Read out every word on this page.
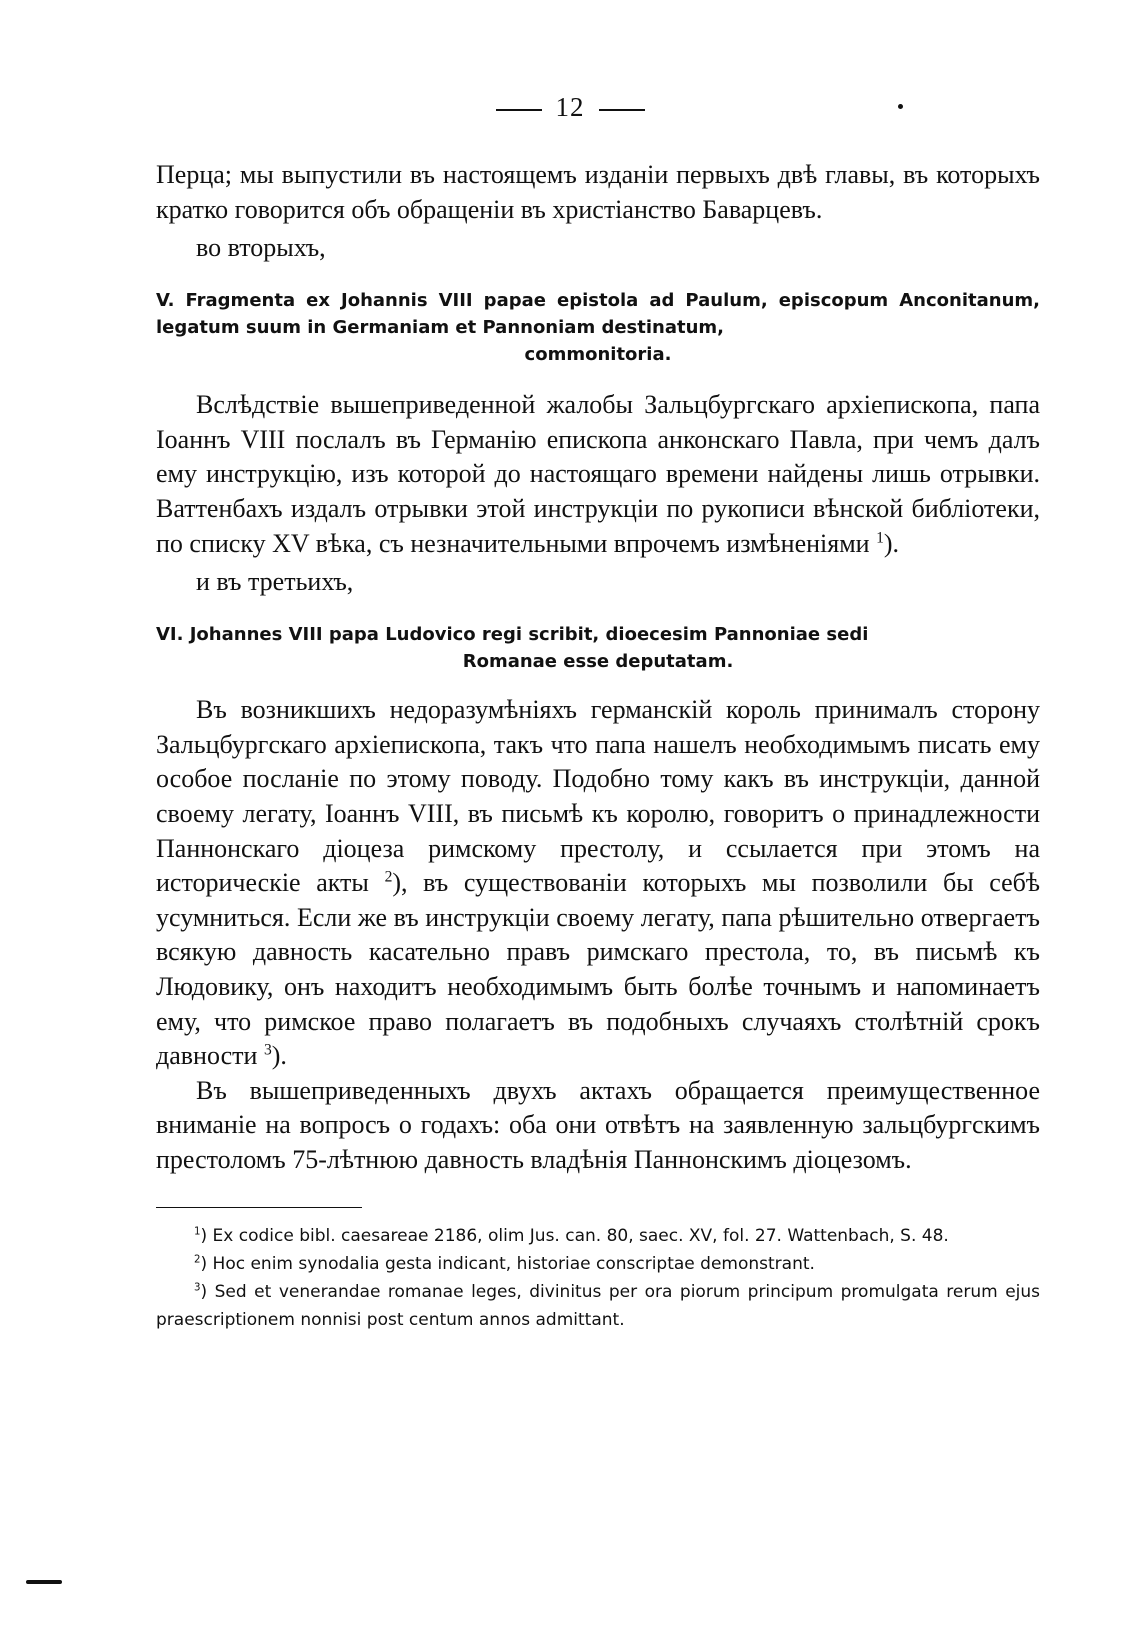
12

Перца; мы выпустили въ настоящемъ изданіи первыхъ двѣ главы, въ которыхъ кратко говорится объ обращеніи въ христіанство Баварцевъ.

во вторыхъ,

V. Fragmenta ex Johannis VIII papae epistola ad Paulum, episcopum Anconitanum, legatum suum in Germaniam et Pannoniam destinatum,
commonitoria.

Вслѣдствіе вышеприведенной жалобы Зальцбургскаго архіепископа, папа Іоаннъ VIII послалъ въ Германію епископа анконскаго Павла, при чемъ далъ ему инструкцію, изъ которой до настоящаго времени найдены лишь отрывки. Ваттенбахъ издалъ отрывки этой инструкціи по рукописи вѣнской библіотеки, по списку XV вѣка, съ незначительными впрочемъ измѣненіями $^1$).

и въ третьихъ,

VI. Johannes VIII papa Ludovico regi scribit, dioecesim Pannoniae sedi
Romanae esse deputatam.

Въ возникшихъ недоразумѣніяхъ германскій король принималъ сторону Зальцбургскаго архіепископа, такъ что папа нашелъ необходимымъ писать ему особое посланіе по этому поводу. Подобно тому какъ въ инструкціи, данной своему легату, Іоаннъ VIII, въ письмѣ къ королю, говоритъ о принадлежности Паннонскаго діоцеза римскому престолу, и ссылается при этомъ на историческіе акты $^2$), въ существованіи которыхъ мы позволили бы себѣ усумниться. Если же въ инструкціи своему легату, папа рѣшительно отвергаетъ всякую давность касательно правъ римскаго престола, то, въ письмѣ къ Людовику, онъ находитъ необходимымъ быть болѣе точнымъ и напоминаетъ ему, что римское право полагаетъ въ подобныхъ случаяхъ столѣтній срокъ давности $^3$).

Въ вышеприведенныхъ двухъ актахъ обращается преимущественное вниманіе на вопросъ о годахъ: оба они отвѣтъ на заявленную зальцбургскимъ престоломъ 75-лѣтнюю давность владѣнія Паннонскимъ діоцезомъ.

$^1$) Ex codice bibl. caesareae 2186, olim Jus. can. 80, saec. XV, fol. 27. Wattenbach, S. 48.

$^2$) Hoc enim synodalia gesta indicant, historiae conscriptae demonstrant.

$^3$) Sed et venerandae romanae leges, divinitus per ora piorum principum promulgata rerum ejus praescriptionem nonnisi post centum annos admittant.
